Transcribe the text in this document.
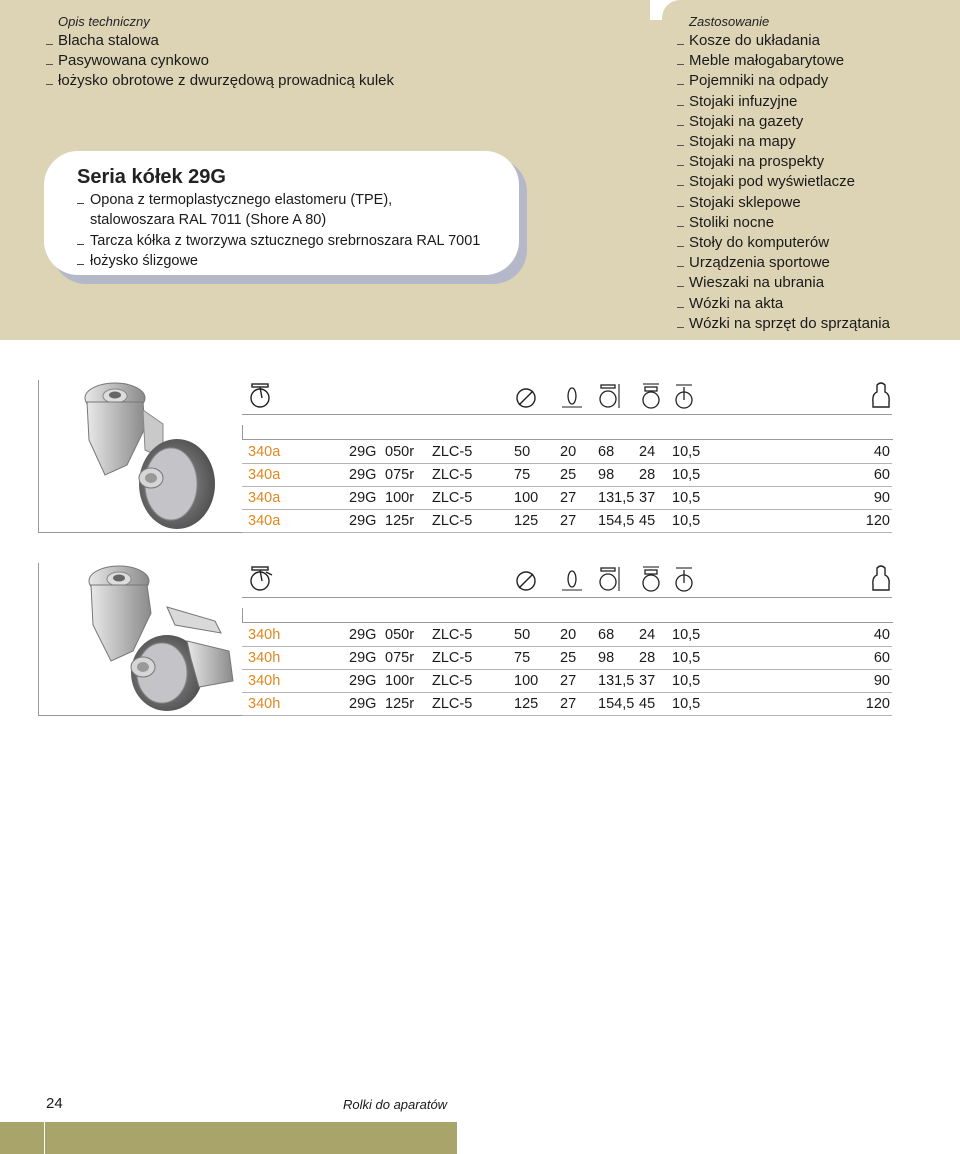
Opis techniczny
Blacha stalowa
Pasywowana cynkowo
łożysko obrotowe z dwurzędową prowadnicą kulek
Seria kółek 29G
Opona z termoplastycznego elastomeru (TPE),
stalowoszara RAL 7011 (Shore A 80)
Tarcza kółka z tworzywa sztucznego srebrnoszara RAL 7001
łożysko ślizgowe
Zastosowanie
Kosze do układania
Meble małogabarytowe
Pojemniki na odpady
Stojaki infuzyjne
Stojaki na gazety
Stojaki na mapy
Stojaki na prospekty
Stojaki pod wyświetlacze
Stojaki sklepowe
Stoliki nocne
Stoły do komputerów
Urządzenia sportowe
Wieszaki na ubrania
Wózki na akta
Wózki na sprzęt do sprzątania
340a	29G 050r ZLC-5	50 20 68 24 10,5	40
340a	29G 075r ZLC-5	75 25 98 28 10,5	60
340a	29G 100r ZLC-5	100 27 131,5 37 10,5	90
340a	29G 125r ZLC-5	125 27 154,5 45 10,5	120
340h	29G 050r ZLC-5	50 20 68 24 10,5	40
340h	29G 075r ZLC-5	75 25 98 28 10,5	60
340h	29G 100r ZLC-5	100 27 131,5 37 10,5	90
340h	29G 125r ZLC-5	125 27 154,5 45 10,5	120
24	Rolki do aparatów
